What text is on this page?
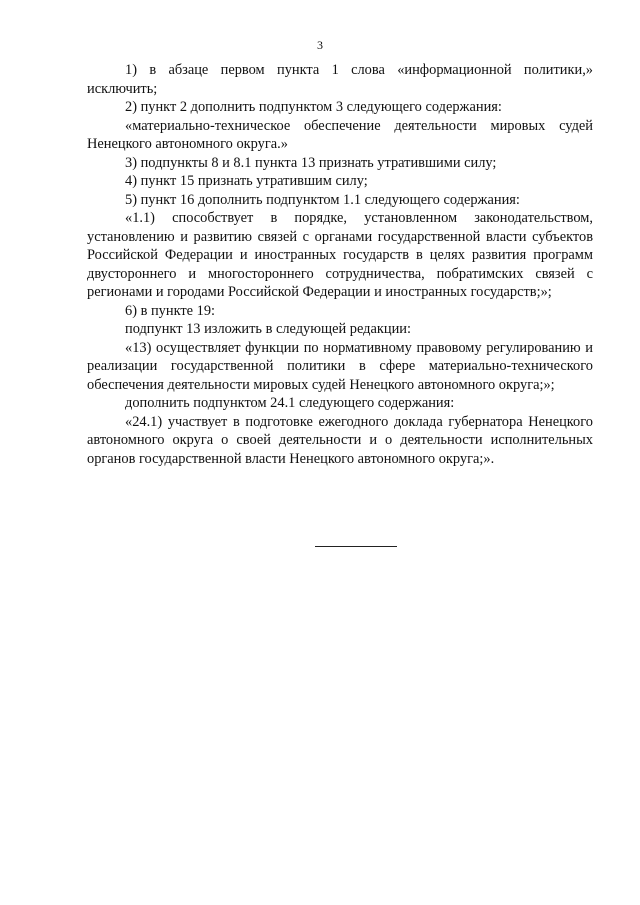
3

1) в абзаце первом пункта 1 слова «информационной политики,» исключить;

2) пункт 2 дополнить подпунктом 3 следующего содержания:

«материально-техническое обеспечение деятельности мировых судей Ненецкого автономного округа.»

3) подпункты 8 и 8.1 пункта 13 признать утратившими силу;

4) пункт 15 признать утратившим силу;

5) пункт 16 дополнить подпунктом 1.1 следующего содержания:

«1.1) способствует в порядке, установленном законодательством, установлению и развитию связей с органами государственной власти субъектов Российской Федерации и иностранных государств в целях развития программ двустороннего и многостороннего сотрудничества, побратимских связей с регионами и городами Российской Федерации и иностранных государств;»;

6) в пункте 19:

подпункт 13 изложить в следующей редакции:

«13) осуществляет функции по нормативному правовому регулированию и реализации государственной политики в сфере материально-технического обеспечения деятельности мировых судей Ненецкого автономного округа;»;

дополнить подпунктом 24.1 следующего содержания:

«24.1) участвует в подготовке ежегодного доклада губернатора Ненецкого автономного округа о своей деятельности и о деятельности исполнительных органов государственной власти Ненецкого автономного округа;».
